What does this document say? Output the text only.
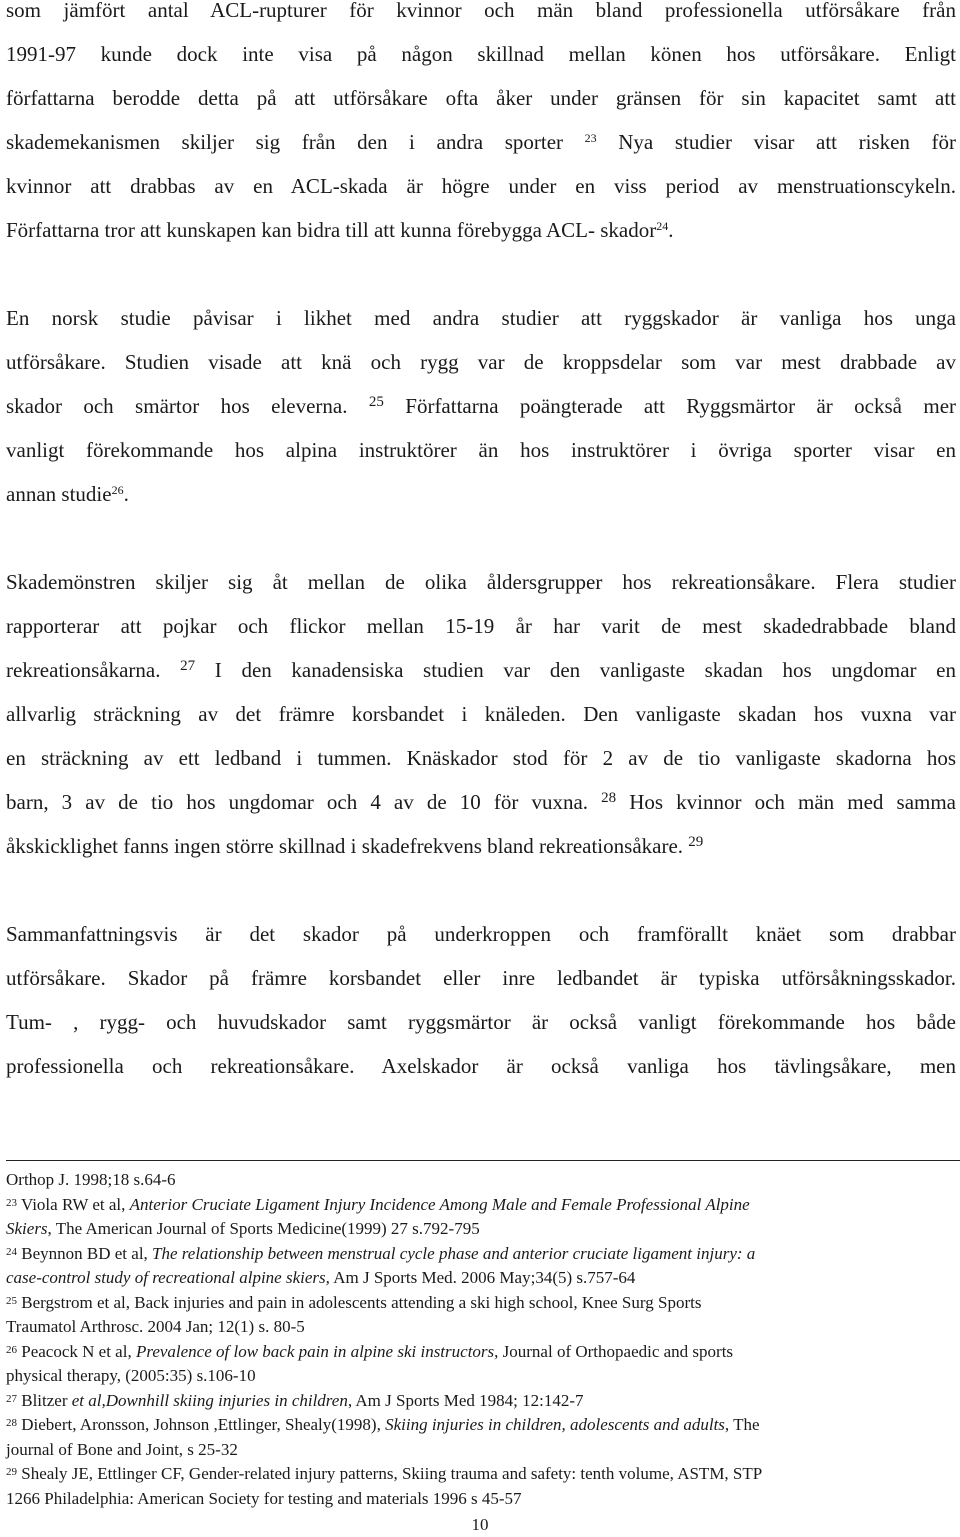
som jämfört antal ACL-rupturer för kvinnor och män bland professionella utförsåkare från
1991-97 kunde dock inte visa på någon skillnad mellan könen hos utförsåkare. Enligt
författarna berodde detta på att utförsåkare ofta åker under gränsen för sin kapacitet samt att
skademekanismen skiljer sig från den i andra sporter $^{23}$ Nya studier visar att risken för
kvinnor att drabbas av en ACL-skada är högre under en viss period av menstruationscykeln.
Författarna tror att kunskapen kan bidra till att kunna förebygga ACL- skador$^{24}$.
En norsk studie påvisar i likhet med andra studier att ryggskador är vanliga hos unga
utförsåkare. Studien visade att knä och rygg var de kroppsdelar som var mest drabbade av
skador och smärtor hos eleverna. $^{25}$ Författarna poängterade att Ryggsmärtor är också mer
vanligt förekommande hos alpina instruktörer än hos instruktörer i övriga sporter visar en
annan studie$^{26}$.
Skademönstren skiljer sig åt mellan de olika åldersgrupper hos rekreationsåkare. Flera studier
rapporterar att pojkar och flickor mellan 15-19 år har varit de mest skadedrabbade bland
rekreationsåkarna. $^{27}$ I den kanadensiska studien var den vanligaste skadan hos ungdomar en
allvarlig sträckning av det främre korsbandet i knäleden. Den vanligaste skadan hos vuxna var
en sträckning av ett ledband i tummen. Knäskador stod för 2 av de tio vanligaste skadorna hos
barn, 3 av de tio hos ungdomar och 4 av de 10 för vuxna. $^{28}$ Hos kvinnor och män med samma
åkskicklighet fanns ingen större skillnad i skadefrekvens bland rekreationsåkare. $^{29}$
Sammanfattningsvis är det skador på underkroppen och framförallt knäet som drabbar
utförsåkare. Skador på främre korsbandet eller inre ledbandet är typiska utförsåkningsskador.
Tum- , rygg- och huvudskador samt ryggsmärtor är också vanligt förekommande hos både
professionella och rekreationsåkare. Axelskador är också vanliga hos tävlingsåkare, men

Orthop J. 1998;18 s.64-6

$^{23}$ Viola RW et al, Anterior Cruciate Ligament Injury Incidence Among Male and Female Professional Alpine
Skiers, The American Journal of Sports Medicine(1999) 27 s.792-795

$^{24}$ Beynnon BD et al, The relationship between menstrual cycle phase and anterior cruciate ligament injury: a
case-control study of recreational alpine skiers, Am J Sports Med. 2006 May;34(5) s.757-64

$^{25}$ Bergstrom et al, Back injuries and pain in adolescents attending a ski high school, Knee Surg Sports
Traumatol Arthrosc. 2004 Jan; 12(1) s. 80-5

$^{26}$ Peacock N et al, Prevalence of low back pain in alpine ski instructors, Journal of Orthopaedic and sports
physical therapy, (2005:35) s.106-10

$^{27}$ Blitzer et al,Downhill skiing injuries in children, Am J Sports Med 1984; 12:142-7

$^{28}$ Diebert, Aronsson, Johnson ,Ettlinger, Shealy(1998), Skiing injuries in children, adolescents and adults, The
journal of Bone and Joint, s 25-32

$^{29}$ Shealy JE, Ettlinger CF, Gender-related injury patterns, Skiing trauma and safety: tenth volume, ASTM, STP
1266 Philadelphia: American Society for testing and materials 1996 s 45-57

10
